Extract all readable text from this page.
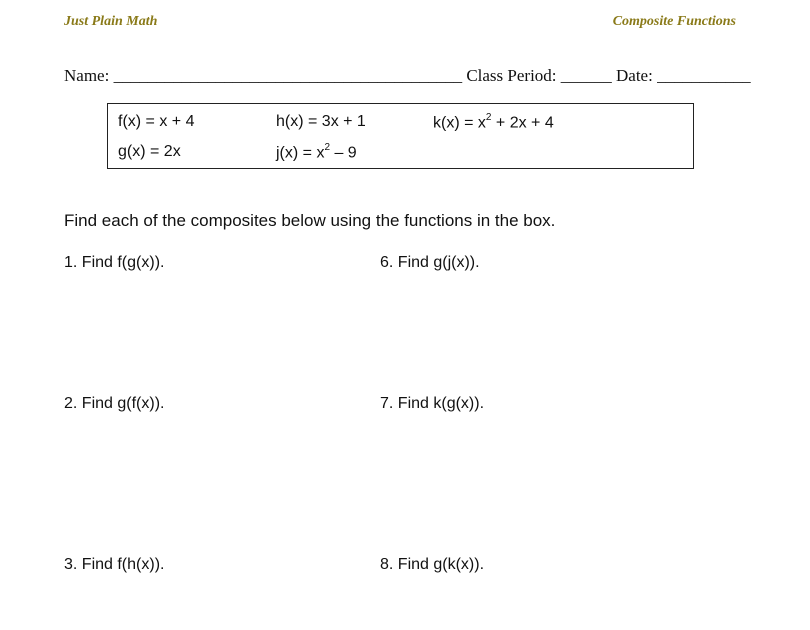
Just Plain Math	Composite Functions
Name: _________________________________________ Class Period: ______ Date: ___________
f(x) = x + 4	h(x) = 3x + 1	$k(x) = x^2 + 2x + 4$
g(x) = 2x	$j(x) = x^2 - 9$
Find each of the composites below using the functions in the box.
1. Find f(g(x)).	6. Find g(j(x)).
2. Find g(f(x)).	7. Find k(g(x)).
3. Find f(h(x)).	8. Find g(k(x)).
